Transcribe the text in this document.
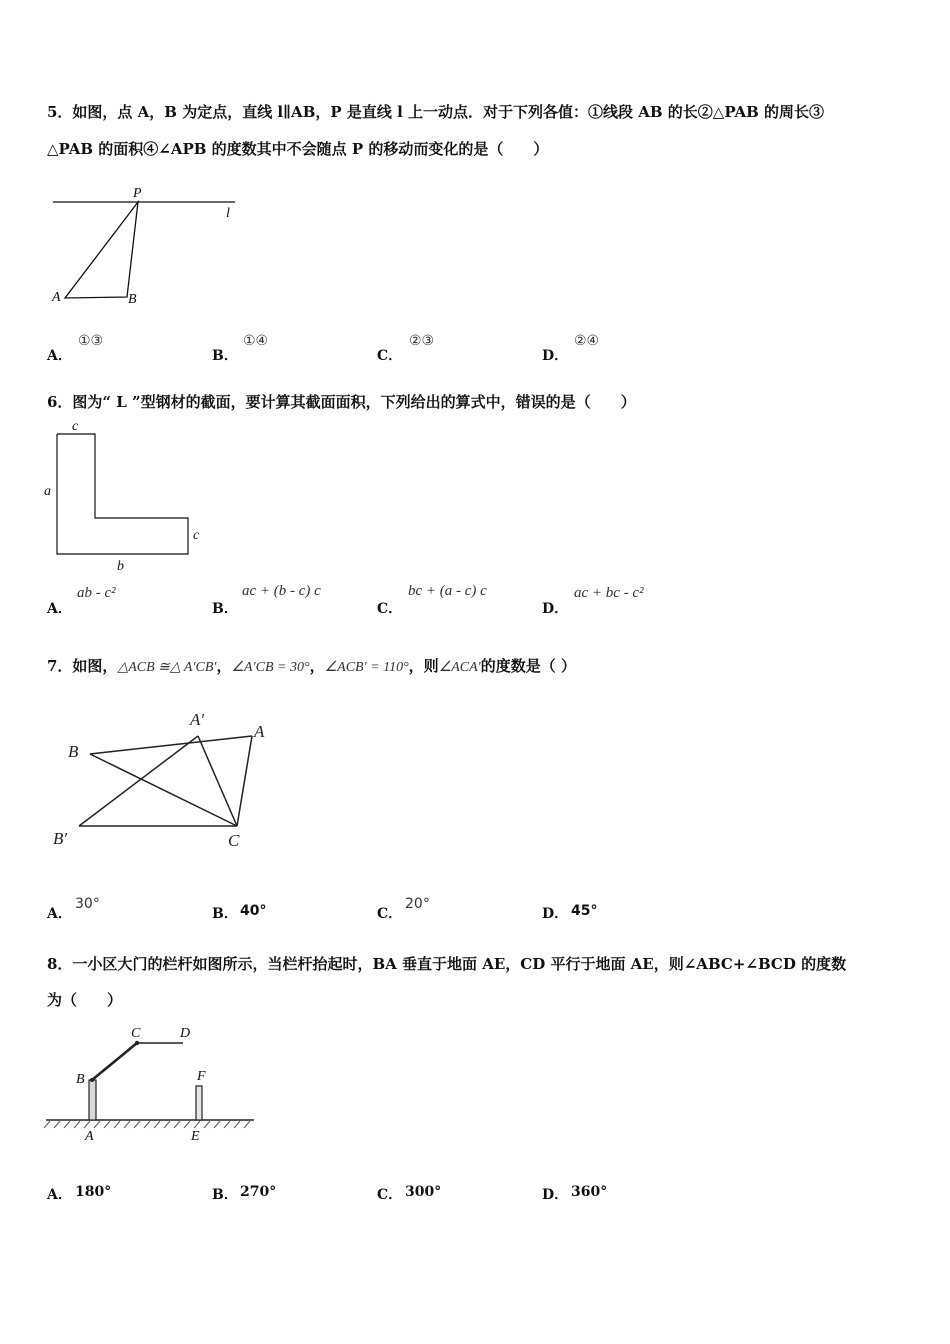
5．如图，点 A，B 为定点，直线 l∥AB，P 是直线 l 上一动点．对于下列各值：①线段 AB 的长②△PAB 的周长③
△PAB 的面积④∠APB 的度数其中不会随点 P 的移动而变化的是（　　）
P
l
A	B
A．
①③
B．
①④
C．
②③
D．
②④
6．图为“ L ”型钢材的截面，要计算其截面面积，下列给出的算式中，错误的是（　　）
c
a
c
b
A．
ab - c²
B．
ac + (b - c) c
C．
bc + (a - c) c
D．
ac + bc - c²
7．如图，△ACB ≅△ A′CB′，∠A′CB = 30°，∠ACB′ = 110°，则∠ACA′的度数是（ ）
B
A′
A
B′	C
A．
30°
B． 40°	C．
20°
D． 45°
8．一小区大门的栏杆如图所示，当栏杆抬起时，BA 垂直于地面 AE，CD 平行于地面 AE，则∠ABC+∠BCD 的度数
为（　　）
C	D
B	F
A	E
A． 180°	B． 270°	C． 300°	D． 360°
